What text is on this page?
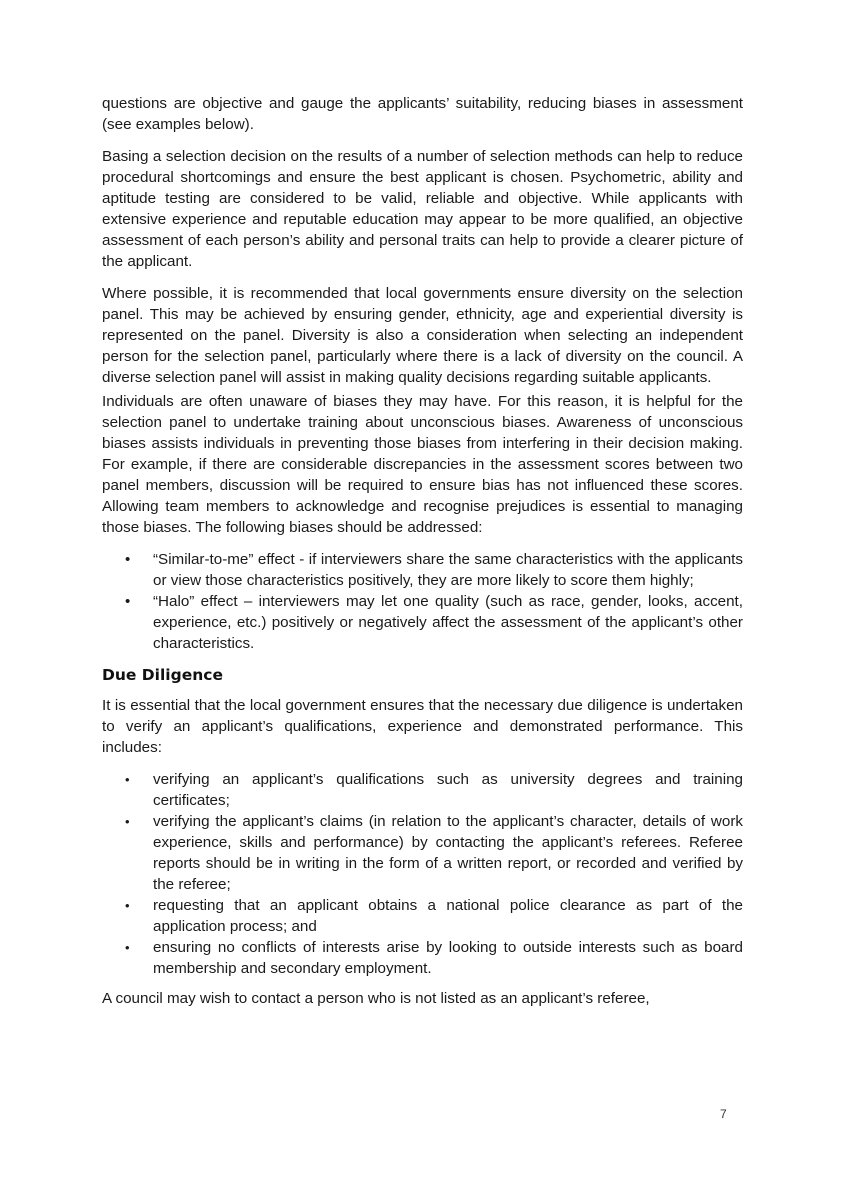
questions are objective and gauge the applicants’ suitability, reducing biases in assessment (see examples below).

Basing a selection decision on the results of a number of selection methods can help to reduce procedural shortcomings and ensure the best applicant is chosen. Psychometric, ability and aptitude testing are considered to be valid, reliable and objective. While applicants with extensive experience and reputable education may appear to be more qualified, an objective assessment of each person’s ability and personal traits can help to provide a clearer picture of the applicant.

Where possible, it is recommended that local governments ensure diversity on the selection panel. This may be achieved by ensuring gender, ethnicity, age and experiential diversity is represented on the panel. Diversity is also a consideration when selecting an independent person for the selection panel, particularly where there is a lack of diversity on the council. A diverse selection panel will assist in making quality decisions regarding suitable applicants.

Individuals are often unaware of biases they may have. For this reason, it is helpful for the selection panel to undertake training about unconscious biases. Awareness of unconscious biases assists individuals in preventing those biases from interfering in their decision making. For example, if there are considerable discrepancies in the assessment scores between two panel members, discussion will be required to ensure bias has not influenced these scores. Allowing team members to acknowledge and recognise prejudices is essential to managing those biases. The following biases should be addressed:

• “Similar-to-me” effect - if interviewers share the same characteristics with the applicants or view those characteristics positively, they are more likely to score them highly;
• “Halo” effect – interviewers may let one quality (such as race, gender, looks, accent, experience, etc.) positively or negatively affect the assessment of the applicant’s other characteristics.
Due Diligence

It is essential that the local government ensures that the necessary due diligence is undertaken to verify an applicant’s qualifications, experience and demonstrated performance. This includes:

• verifying an applicant’s qualifications such as university degrees and training certificates;
• verifying the applicant’s claims (in relation to the applicant’s character, details of work experience, skills and performance) by contacting the applicant’s referees. Referee reports should be in writing in the form of a written report, or recorded and verified by the referee;
• requesting that an applicant obtains a national police clearance as part of the application process; and
• ensuring no conflicts of interests arise by looking to outside interests such as board membership and secondary employment.

A council may wish to contact a person who is not listed as an applicant’s referee,

7
